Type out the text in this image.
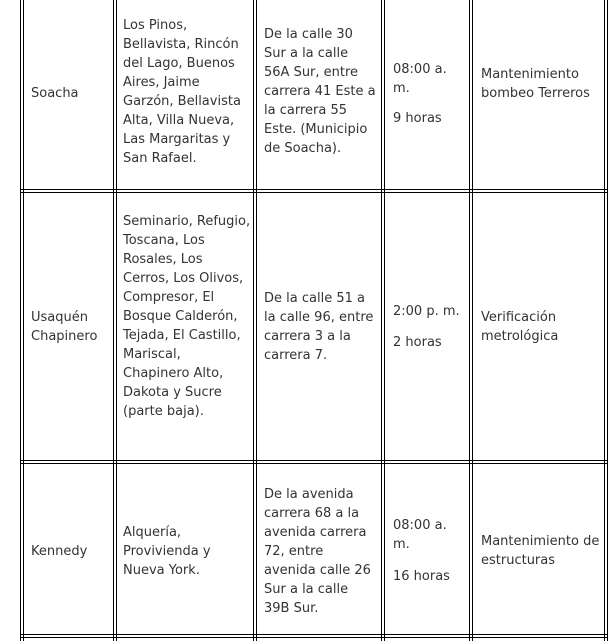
Soacha
Los Pinos, Bellavista, Rincón del Lago, Buenos Aires, Jaime Garzón, Bellavista Alta, Villa Nueva, Las Margaritas y San Rafael.
De la calle 30 Sur a la calle 56A Sur, entre carrera 41 Este a la carrera 55 Este. (Municipio de Soacha).
08:00 a. m.
9 horas
Mantenimiento bombeo Terreros
Usaquén Chapinero
Seminario, Refugio, Toscana, Los Rosales, Los Cerros, Los Olivos, Compresor, El Bosque Calderón, Tejada, El Castillo, Mariscal, Chapinero Alto, Dakota y Sucre (parte baja).
De la calle 51 a la calle 96, entre carrera 3 a la carrera 7.
2:00 p. m.
2 horas
Verificación metrológica
Kennedy
Alquería, Provivienda y Nueva York.
De la avenida carrera 68 a la avenida carrera 72, entre avenida calle 26 Sur a la calle 39B Sur.
08:00 a. m.
16 horas
Mantenimiento de estructuras
